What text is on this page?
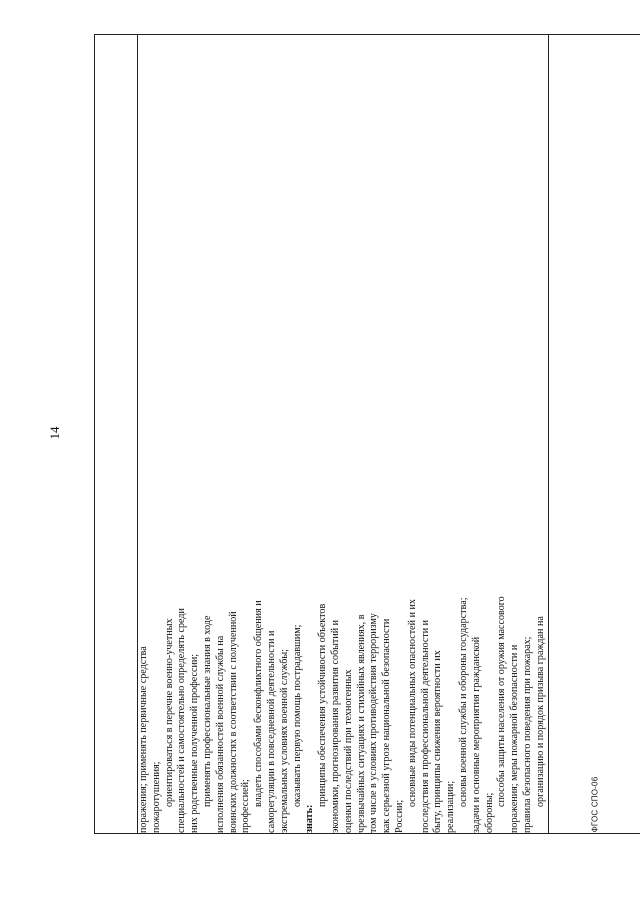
14

поражения; применять первичные средства пожаротушения; ориентироваться в перечне военно-учетных специальностей и самостоятельно определять среди них родственные полученной профессии; применять профессиональные знания в ходе исполнения обязанностей военной службы на воинских должностях в соответствии с полученной профессией; владеть способами бесконфликтного общения и саморегуляции в повседневной деятельности и экстремальных условиях военной службы; оказывать первую помощь пострадавшим;
знать:
принципы обеспечения устойчивости объектов экономики, прогнозирования развития событий и оценки последствий при техногенных чрезвычайных ситуациях и стихийных явлениях, в том числе в условиях противодействия терроризму как серьезной угрозе национальной безопасности России;
основные виды потенциальных опасностей и их последствия в профессиональной деятельности и быту, принципы снижения вероятности их реализации; основы военной службы и обороны государства; задачи и основные мероприятия гражданской обороны;
способы защиты населения от оружия массового поражения; меры пожарной безопасности и правила безопасного поведения при пожарах; организацию и порядок призыва граждан на	ФГОС СПО-06
